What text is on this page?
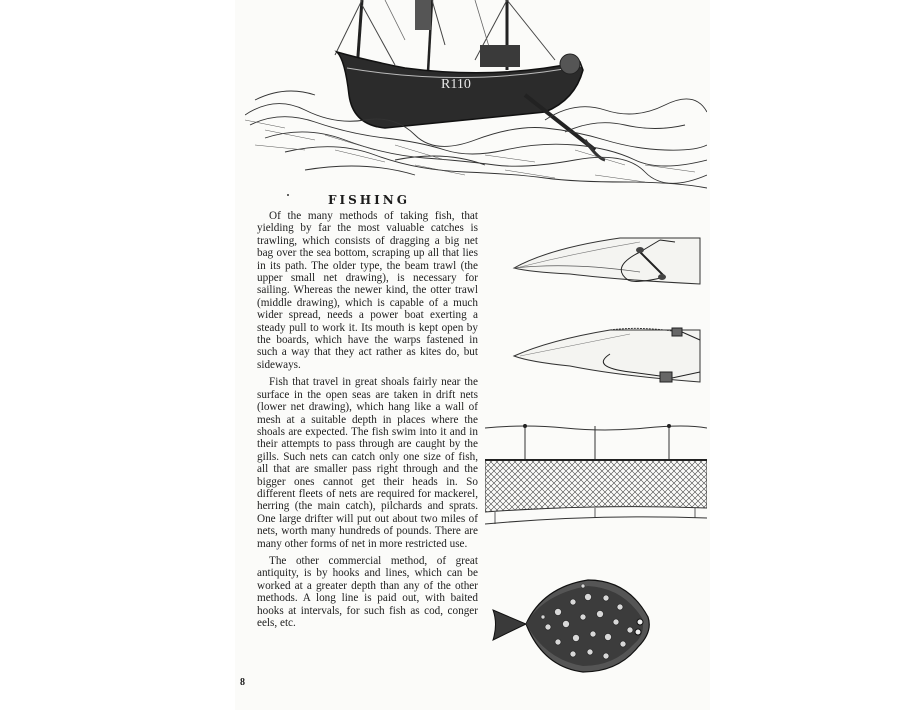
R110
FISHING

Of the many methods of taking fish, that yielding by far the most valuable catches is trawling, which consists of dragging a big net bag over the sea bottom, scraping up all that lies in its path. The older type, the beam trawl (the upper small net drawing), is necessary for sailing. Whereas the newer kind, the otter trawl (middle drawing), which is capable of a much wider spread, needs a power boat exerting a steady pull to work it. Its mouth is kept open by the boards, which have the warps fastened in such a way that they act rather as kites do, but sideways.

Fish that travel in great shoals fairly near the surface in the open seas are taken in drift nets (lower net drawing), which hang like a wall of mesh at a suitable depth in places where the shoals are expected. The fish swim into it and in their attempts to pass through are caught by the gills. Such nets can catch only one size of fish, all that are smaller pass right through and the bigger ones cannot get their heads in. So different fleets of nets are required for mackerel, herring (the main catch), pilchards and sprats. One large drifter will put out about two miles of nets, worth many hundreds of pounds. There are many other forms of net in more restricted use.

The other commercial method, of great antiquity, is by hooks and lines, which can be worked at a greater depth than any of the other methods. A long line is paid out, with baited hooks at intervals, for such fish as cod, conger eels, etc.

8
